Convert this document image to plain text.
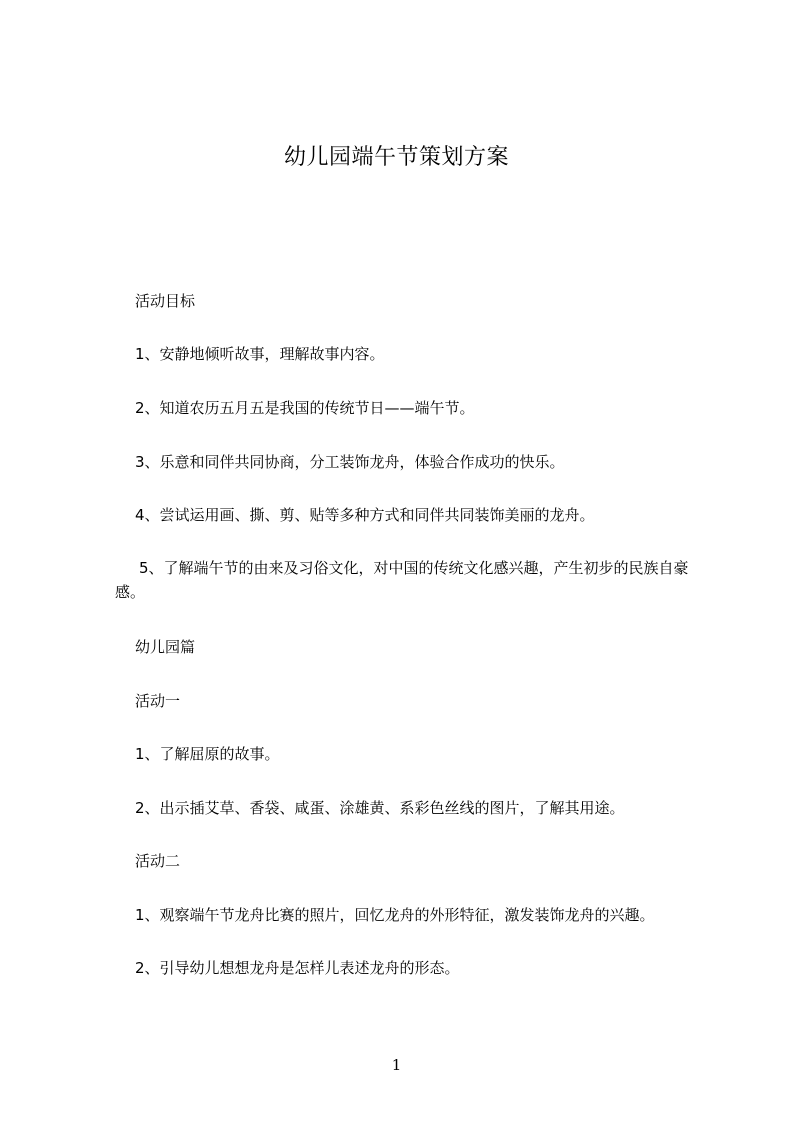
幼儿园端午节策划方案
活动目标
1、安静地倾听故事，理解故事内容。
2、知道农历五月五是我国的传统节日——端午节。
3、乐意和同伴共同协商，分工装饰龙舟，体验合作成功的快乐。
4、尝试运用画、撕、剪、贴等多种方式和同伴共同装饰美丽的龙舟。
5、了解端午节的由来及习俗文化，对中国的传统文化感兴趣，产生初步的民族自豪感。
幼儿园篇
活动一
1、了解屈原的故事。
2、出示插艾草、香袋、咸蛋、涂雄黄、系彩色丝线的图片，了解其用途。
活动二
1、观察端午节龙舟比赛的照片，回忆龙舟的外形特征，激发装饰龙舟的兴趣。
2、引导幼儿想想龙舟是怎样儿表述龙舟的形态。
1
